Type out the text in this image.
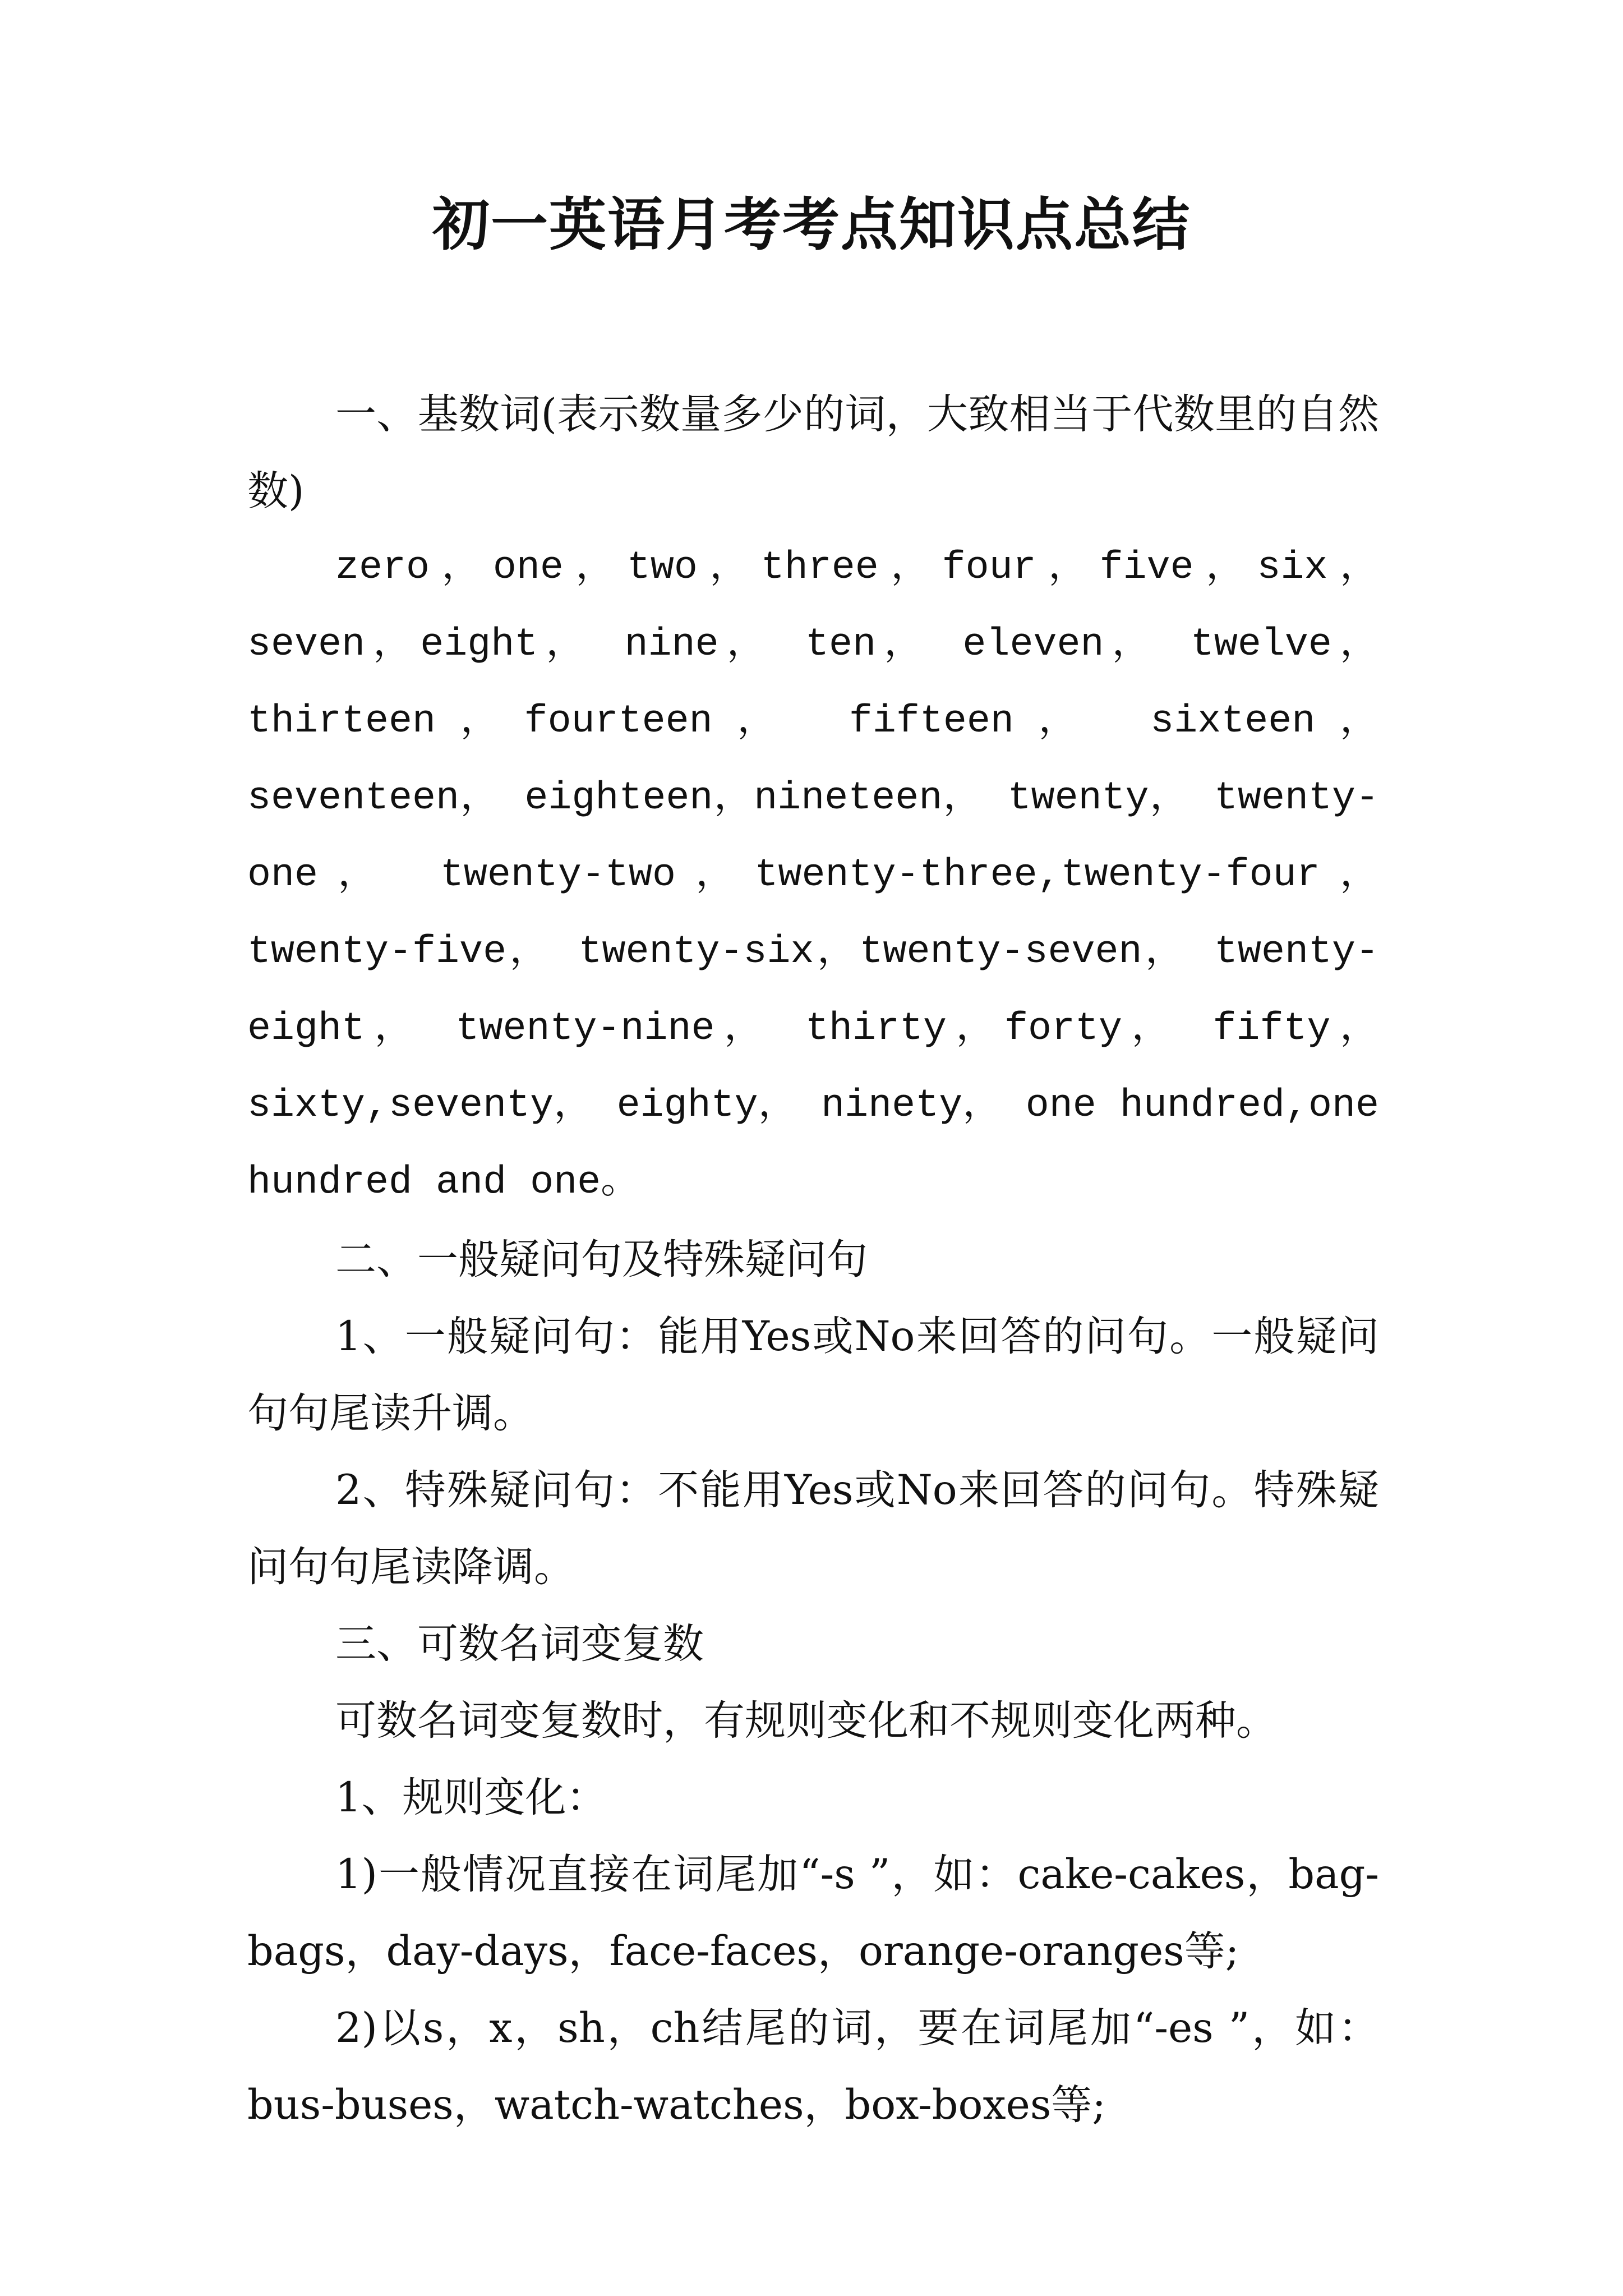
初一英语月考考点知识点总结

一、基数词(表示数量多少的词，大致相当于代数里的自然数)

zero，one，two，three，four，five，six，seven，eight， nine， ten， eleven， twelve， thirteen，fourteen， fifteen， sixteen， seventeen， eighteen，nineteen， twenty， twenty-one， twenty-two，twenty-three,twenty-four， twenty-five， twenty-six，twenty-seven， twenty-eight， twenty-nine， thirty，forty， fifty， sixty,seventy， eighty， ninety， one hundred,one hundred and one。

二、一般疑问句及特殊疑问句

1、一般疑问句：能用Yes或No来回答的问句。一般疑问句句尾读升调。

2、特殊疑问句：不能用Yes或No来回答的问句。特殊疑问句句尾读降调。

三、可数名词变复数

可数名词变复数时，有规则变化和不规则变化两种。

1、规则变化：

1)一般情况直接在词尾加“-s ”，如：cake-cakes，bag-bags，day-days，face-faces，orange-oranges等;

2)以s，x，sh，ch结尾的词，要在词尾加“-es ”，如：bus-buses，watch-watches，box-boxes等;
